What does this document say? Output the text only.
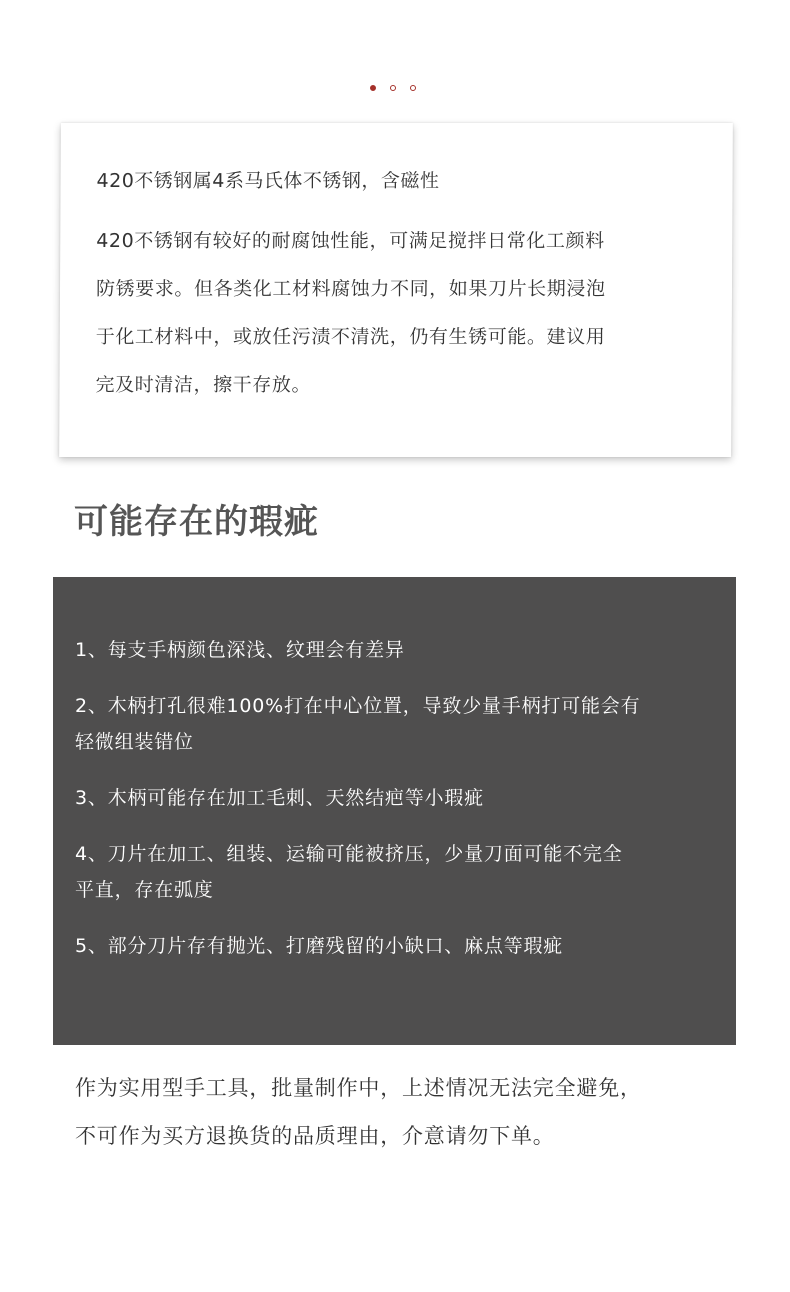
420不锈钢属4系马氏体不锈钢，含磁性

420不锈钢有较好的耐腐蚀性能，可满足搅拌日常化工颜料
防锈要求。但各类化工材料腐蚀力不同，如果刀片长期浸泡
于化工材料中，或放任污渍不清洗，仍有生锈可能。建议用
完及时清洁，擦干存放。

可能存在的瑕疵
1、每支手柄颜色深浅、纹理会有差异
2、木柄打孔很难100%打在中心位置，导致少量手柄打可能会有
轻微组装错位
3、木柄可能存在加工毛刺、天然结疤等小瑕疵
4、刀片在加工、组装、运输可能被挤压，少量刀面可能不完全
平直，存在弧度
5、部分刀片存有抛光、打磨残留的小缺口、麻点等瑕疵

作为实用型手工具，批量制作中，上述情况无法完全避免，
不可作为买方退换货的品质理由，介意请勿下单。
